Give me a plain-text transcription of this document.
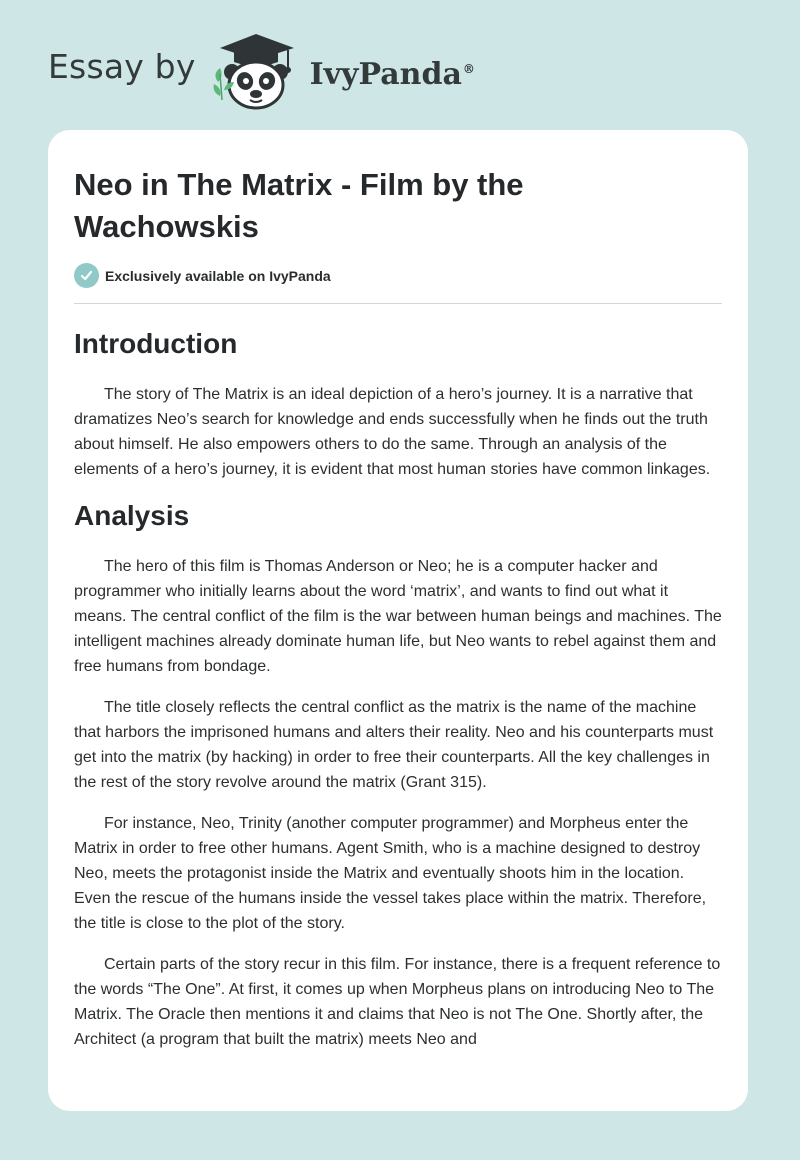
Essay by	IvyPanda®
Neo in The Matrix - Film by the Wachowskis
Exclusively available on IvyPanda
Introduction

The story of The Matrix is an ideal depiction of a hero’s journey. It is a narrative that dramatizes Neo’s search for knowledge and ends successfully when he finds out the truth about himself. He also empowers others to do the same. Through an analysis of the elements of a hero’s journey, it is evident that most human stories have common linkages.

Analysis

The hero of this film is Thomas Anderson or Neo; he is a computer hacker and programmer who initially learns about the word ‘matrix’, and wants to find out what it means. The central conflict of the film is the war between human beings and machines. The intelligent machines already dominate human life, but Neo wants to rebel against them and free humans from bondage.

The title closely reflects the central conflict as the matrix is the name of the machine that harbors the imprisoned humans and alters their reality. Neo and his counterparts must get into the matrix (by hacking) in order to free their counterparts. All the key challenges in the rest of the story revolve around the matrix (Grant 315).

For instance, Neo, Trinity (another computer programmer) and Morpheus enter the Matrix in order to free other humans. Agent Smith, who is a machine designed to destroy Neo, meets the protagonist inside the Matrix and eventually shoots him in the location. Even the rescue of the humans inside the vessel takes place within the matrix. Therefore, the title is close to the plot of the story.

Certain parts of the story recur in this film. For instance, there is a frequent reference to the words “The One”. At first, it comes up when Morpheus plans on introducing Neo to The Matrix. The Oracle then mentions it and claims that Neo is not The One. Shortly after, the Architect (a program that built the matrix) meets Neo and
